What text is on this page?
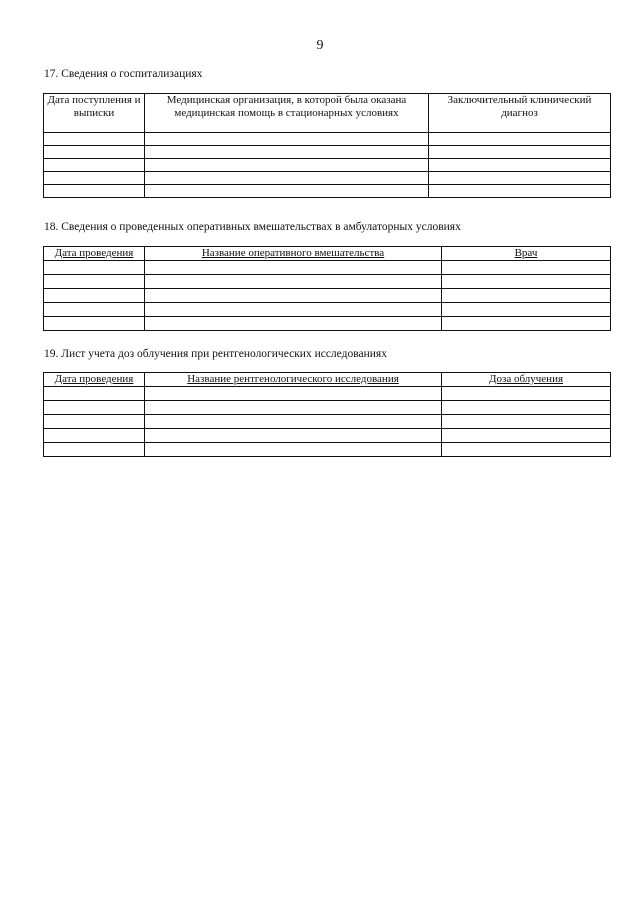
9
17. Сведения о госпитализациях
Дата поступления и выписки	Медицинская организация, в которой была оказана медицинская помощь в стационарных условиях	Заключительный клинический диагноз

18. Сведения о проведенных оперативных вмешательствах в амбулаторных условиях
Дата проведения	Название оперативного вмешательства	Врач

19. Лист учета доз облучения при рентгенологических исследованиях
Дата проведения	Название рентгенологического исследования	Доза облучения
